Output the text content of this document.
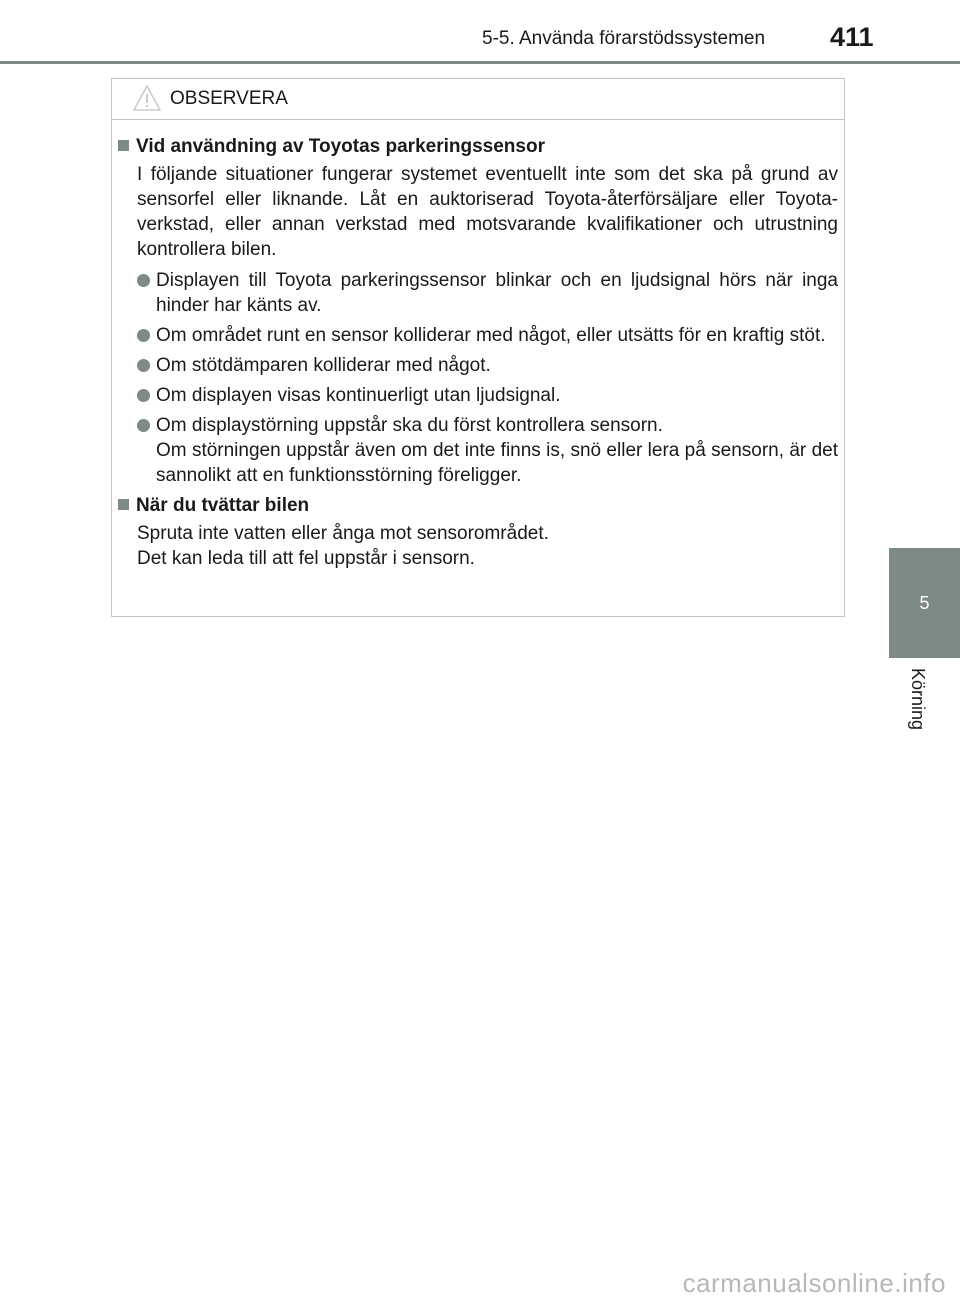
5-5. Använda förarstödssystemen 411
5
Körning
OBSERVERA
Vid användning av Toyotas parkeringssensor
I följande situationer fungerar systemet eventuellt inte som det ska på grund av sensorfel eller liknande. Låt en auktoriserad Toyota-återförsäljare eller Toyota-verkstad, eller annan verkstad med motsvarande kvalifikationer och utrustning kontrollera bilen.
Displayen till Toyota parkeringssensor blinkar och en ljudsignal hörs när inga hinder har känts av.
Om området runt en sensor kolliderar med något, eller utsätts för en kraftig stöt.
Om stötdämparen kolliderar med något.
Om displayen visas kontinuerligt utan ljudsignal.
Om displaystörning uppstår ska du först kontrollera sensorn.
Om störningen uppstår även om det inte finns is, snö eller lera på sensorn, är det sannolikt att en funktionsstörning föreligger.
När du tvättar bilen
Spruta inte vatten eller ånga mot sensorområdet.
Det kan leda till att fel uppstår i sensorn.
carmanualsonline.info
